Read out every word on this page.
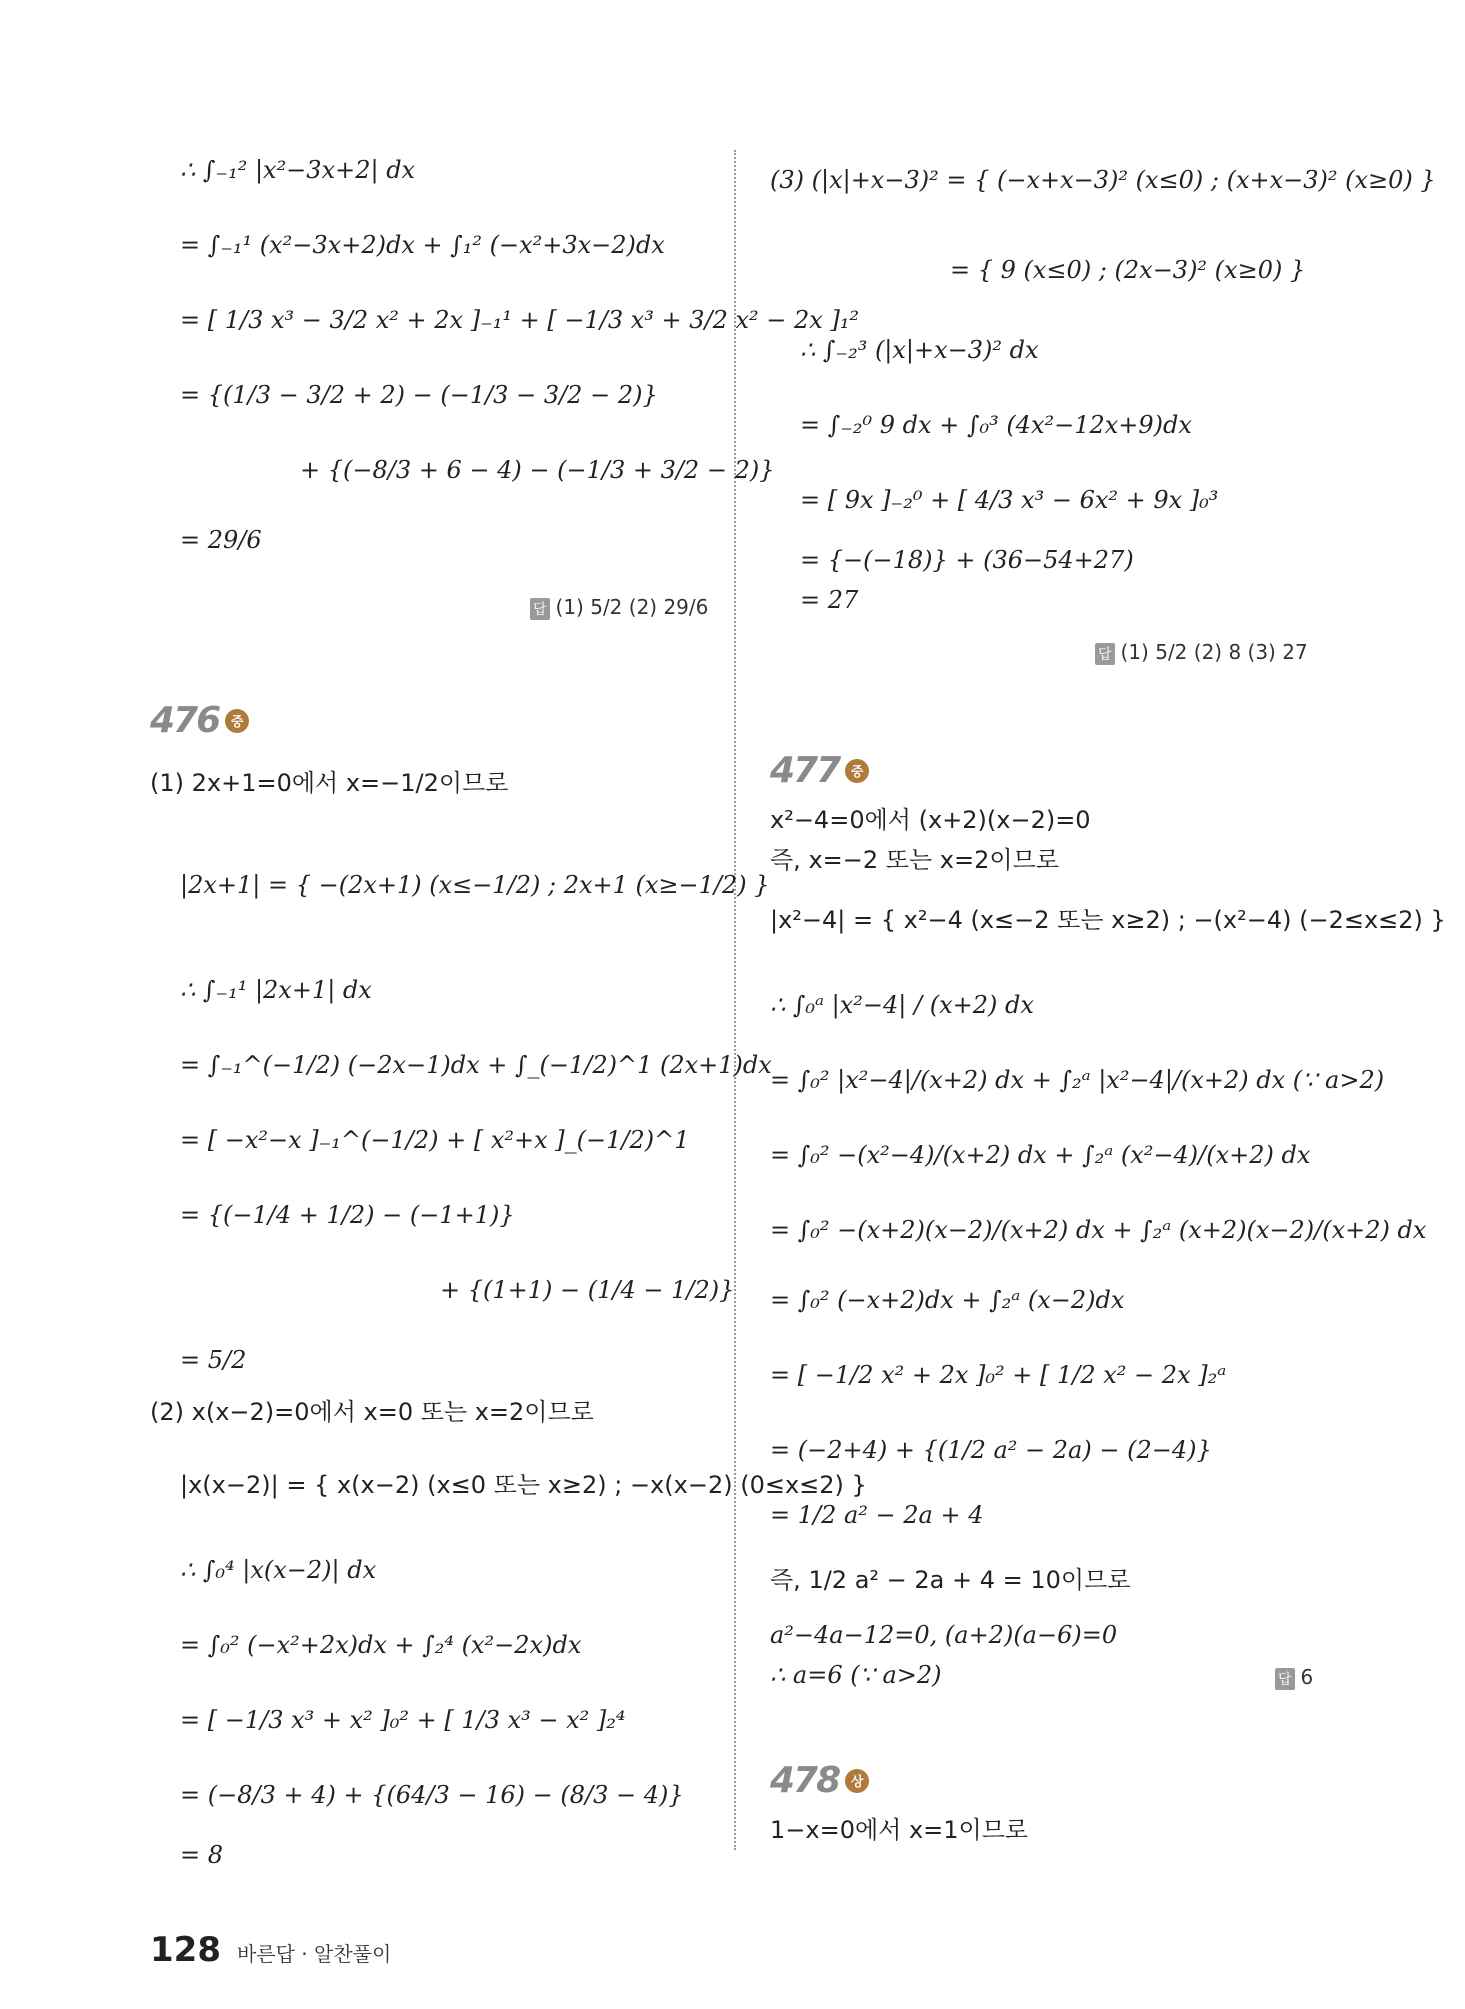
∴ ∫₋₁² |x²−3x+2| dx
= ∫₋₁¹ (x²−3x+2)dx + ∫₁² (−x²+3x−2)dx
= [ 1/3 x³ − 3/2 x² + 2x ]₋₁¹ + [ −1/3 x³ + 3/2 x² − 2x ]₁²
= {(1/3 − 3/2 + 2) − (−1/3 − 3/2 − 2)}
+ {(−8/3 + 6 − 4) − (−1/3 + 3/2 − 2)}
= 29/6
답 (1) 5/2 (2) 29/6
476 중
(1) 2x+1=0에서 x=−1/2이므로
|2x+1| = { −(2x+1) (x≤−1/2) ; 2x+1 (x≥−1/2) }
∴ ∫₋₁¹ |2x+1| dx
= ∫₋₁^(−1/2) (−2x−1)dx + ∫_(−1/2)^1 (2x+1)dx
= [ −x²−x ]₋₁^(−1/2) + [ x²+x ]_(−1/2)^1
= {(−1/4 + 1/2) − (−1+1)}
+ {(1+1) − (1/4 − 1/2)}
= 5/2
(2) x(x−2)=0에서 x=0 또는 x=2이므로
|x(x−2)| = { x(x−2) (x≤0 또는 x≥2) ; −x(x−2) (0≤x≤2) }
∴ ∫₀⁴ |x(x−2)| dx
= ∫₀² (−x²+2x)dx + ∫₂⁴ (x²−2x)dx
= [ −1/3 x³ + x² ]₀² + [ 1/3 x³ − x² ]₂⁴
= (−8/3 + 4) + {(64/3 − 16) − (8/3 − 4)}
= 8
(3) (|x|+x−3)² = { (−x+x−3)² (x≤0) ; (x+x−3)² (x≥0) }
= { 9 (x≤0) ; (2x−3)² (x≥0) }
∴ ∫₋₂³ (|x|+x−3)² dx
= ∫₋₂⁰ 9 dx + ∫₀³ (4x²−12x+9)dx
= [ 9x ]₋₂⁰ + [ 4/3 x³ − 6x² + 9x ]₀³
= {−(−18)} + (36−54+27)
= 27
답 (1) 5/2 (2) 8 (3) 27
477 중
x²−4=0에서 (x+2)(x−2)=0
즉, x=−2 또는 x=2이므로
|x²−4| = { x²−4 (x≤−2 또는 x≥2) ; −(x²−4) (−2≤x≤2) }
∴ ∫₀ᵃ |x²−4| / (x+2) dx
= ∫₀² |x²−4|/(x+2) dx + ∫₂ᵃ |x²−4|/(x+2) dx (∵ a>2)
= ∫₀² −(x²−4)/(x+2) dx + ∫₂ᵃ (x²−4)/(x+2) dx
= ∫₀² −(x+2)(x−2)/(x+2) dx + ∫₂ᵃ (x+2)(x−2)/(x+2) dx
= ∫₀² (−x+2)dx + ∫₂ᵃ (x−2)dx
= [ −1/2 x² + 2x ]₀² + [ 1/2 x² − 2x ]₂ᵃ
= (−2+4) + {(1/2 a² − 2a) − (2−4)}
= 1/2 a² − 2a + 4
즉, 1/2 a² − 2a + 4 = 10이므로
a²−4a−12=0, (a+2)(a−6)=0
∴ a=6 (∵ a>2)	답 6
478 상
1−x=0에서 x=1이므로
128 바른답 · 알찬풀이
